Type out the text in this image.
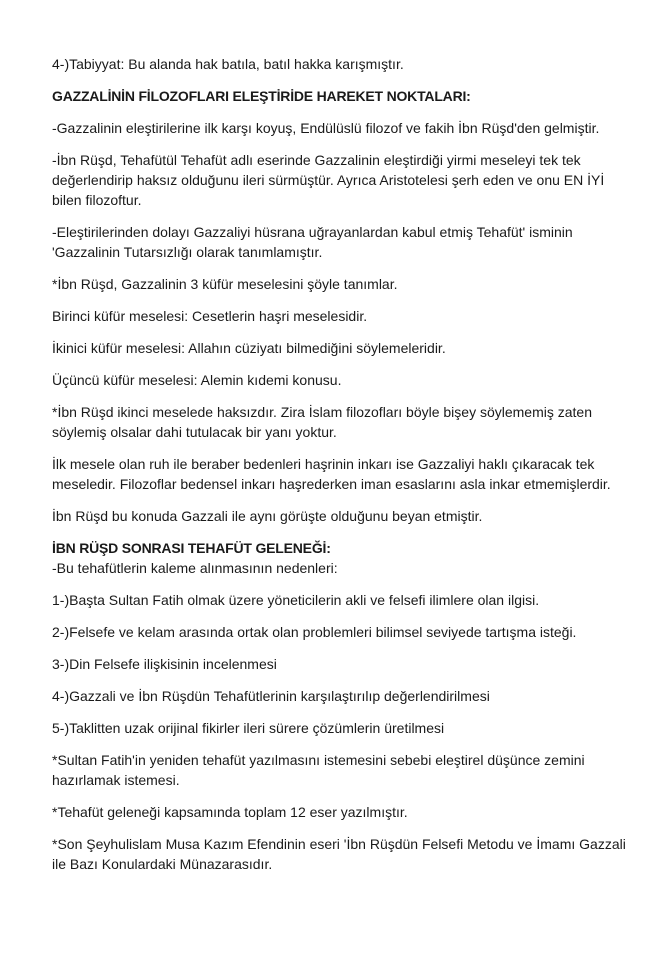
4-)Tabiyyat: Bu alanda hak batıla, batıl hakka karışmıştır.

GAZZALİNİN FİLOZOFLARI ELEŞTİRİDE HAREKET NOKTALARI:

-Gazzalinin eleştirilerine ilk karşı koyuş, Endülüslü filozof ve fakih İbn Rüşd'den gelmiştir.

-İbn Rüşd, Tehafütül Tehafüt adlı eserinde Gazzalinin eleştirdiği yirmi meseleyi tek tek değerlendirip haksız olduğunu ileri sürmüştür. Ayrıca Aristotelesi şerh eden ve onu EN İYİ bilen filozoftur.

-Eleştirilerinden dolayı Gazzaliyi hüsrana uğrayanlardan kabul etmiş Tehafüt' isminin 'Gazzalinin Tutarsızlığı olarak tanımlamıştır.

*İbn Rüşd, Gazzalinin 3 küfür meselesini şöyle tanımlar.

Birinci küfür meselesi: Cesetlerin haşri meselesidir.

İkinici küfür meselesi: Allahın cüziyatı bilmediğini söylemeleridir.

Üçüncü küfür meselesi: Alemin kıdemi konusu.

*İbn Rüşd ikinci meselede haksızdır. Zira İslam filozofları böyle bişey söylememiş zaten söylemiş olsalar dahi tutulacak bir yanı yoktur.

İlk mesele olan ruh ile beraber bedenleri haşrinin inkarı ise Gazzaliyi haklı çıkaracak tek meseledir. Filozoflar bedensel inkarı haşrederken iman esaslarını asla inkar etmemişlerdir.

İbn Rüşd bu konuda Gazzali ile aynı görüşte olduğunu beyan etmiştir.

İBN RÜŞD SONRASI TEHAFÜT GELENEĞİ:

-Bu tehafütlerin kaleme alınmasının nedenleri:

1-)Başta Sultan Fatih olmak üzere yöneticilerin akli ve felsefi ilimlere olan ilgisi.

2-)Felsefe ve kelam arasında ortak olan problemleri bilimsel seviyede tartışma isteği.

3-)Din Felsefe ilişkisinin incelenmesi

4-)Gazzali ve İbn Rüşdün Tehafütlerinin karşılaştırılıp değerlendirilmesi

5-)Taklitten uzak orijinal fikirler ileri sürere çözümlerin üretilmesi

*Sultan Fatih'in yeniden tehafüt yazılmasını istemesini sebebi eleştirel düşünce zemini hazırlamak istemesi.

*Tehafüt geleneği kapsamında toplam 12 eser yazılmıştır.

*Son Şeyhulislam Musa Kazım Efendinin eseri 'İbn Rüşdün Felsefi Metodu ve İmamı Gazzali ile Bazı Konulardaki Münazarasıdır.
